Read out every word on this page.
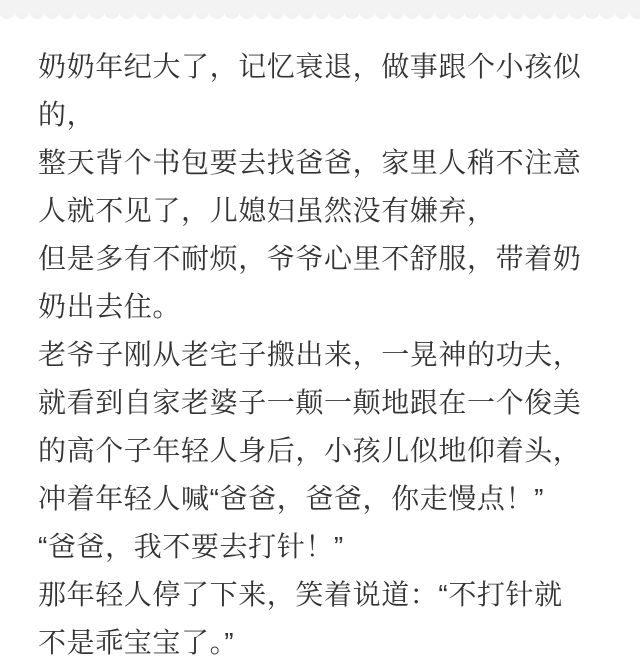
奶奶年纪大了，记忆衰退，做事跟个小孩似
的，
整天背个书包要去找爸爸，家里人稍不注意
人就不见了，儿媳妇虽然没有嫌弃，
但是多有不耐烦，爷爷心里不舒服，带着奶
奶出去住。
老爷子刚从老宅子搬出来，一晃神的功夫，
就看到自家老婆子一颠一颠地跟在一个俊美
的高个子年轻人身后，小孩儿似地仰着头，
冲着年轻人喊“爸爸，爸爸，你走慢点！”
“爸爸，我不要去打针！”
那年轻人停了下来，笑着说道：“不打针就
不是乖宝宝了。”
